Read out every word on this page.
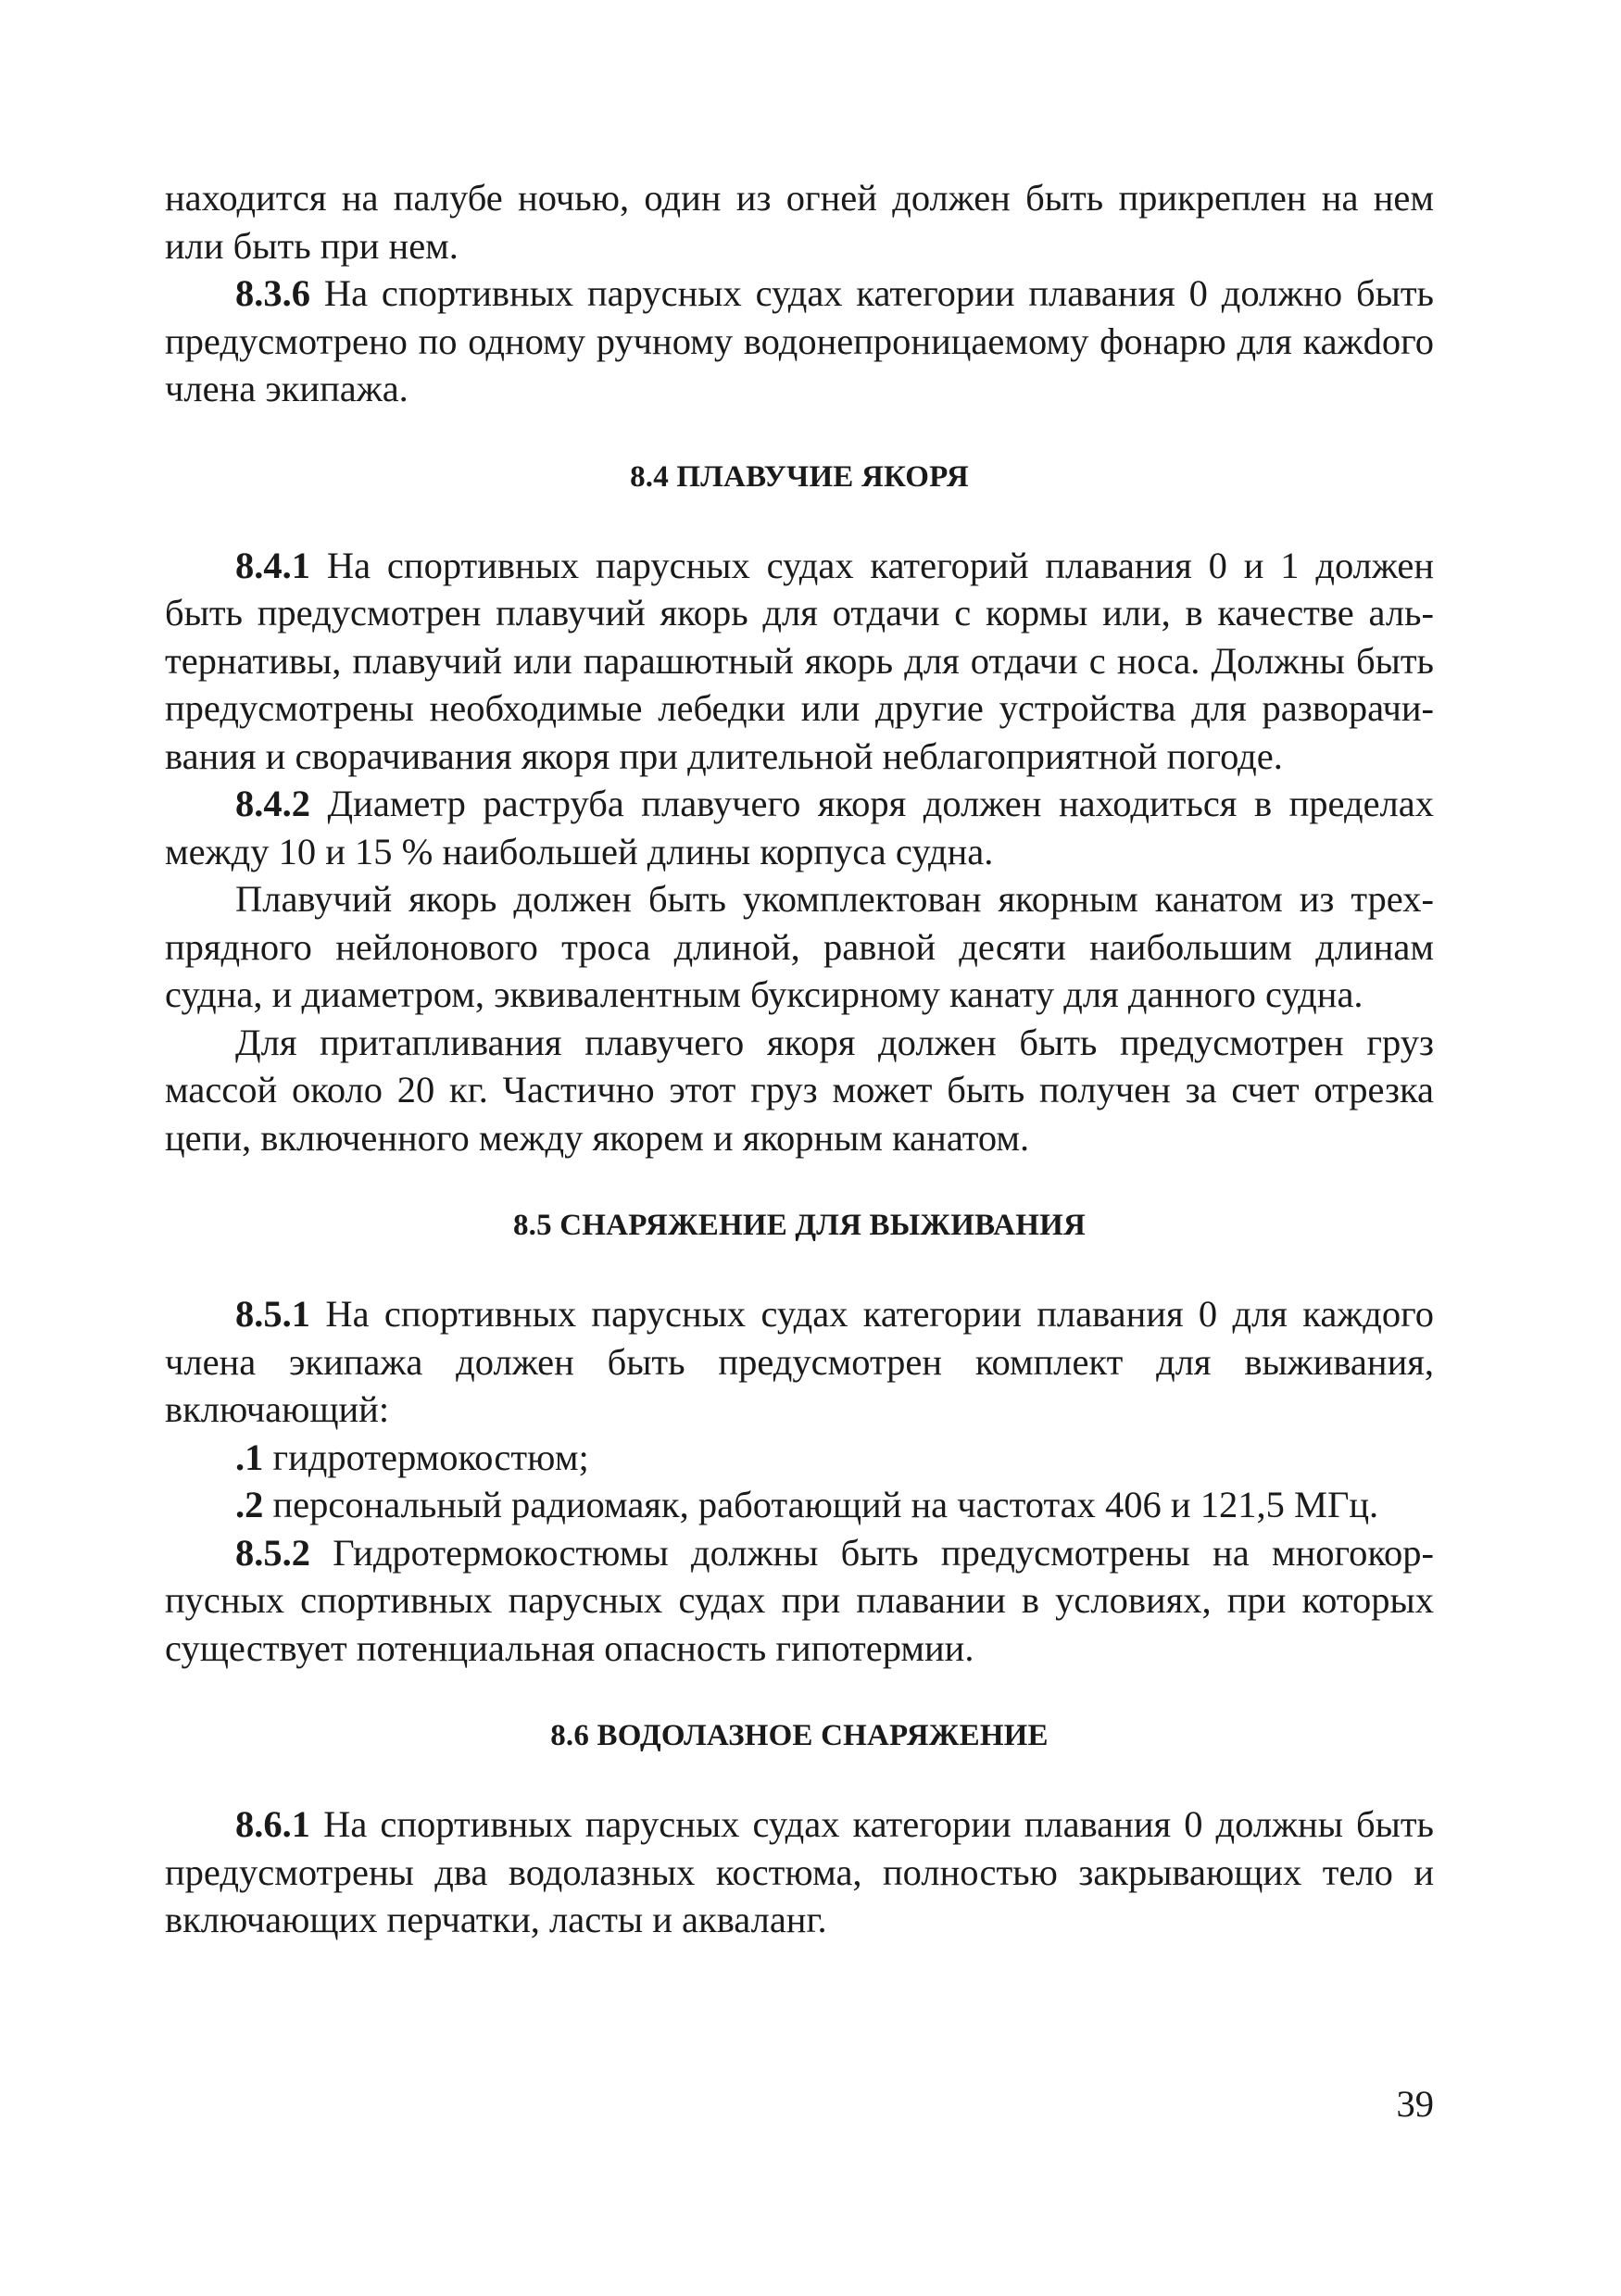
находится на палубе ночью, один из огней должен быть прикреплен на нем или быть при нем.

8.3.6 На спортивных парусных судах категории плавания 0 должно быть предусмотрено по одному ручному водонепроницаемому фонарю для кажdого члена экипажа.

8.4 ПЛАВУЧИЕ ЯКОРЯ

8.4.1 На спортивных парусных судах категорий плавания 0 и 1 должен быть предусмотрен плавучий якорь для отдачи с кормы или, в качестве альтернативы, плавучий или парашютный якорь для отдачи с носа. Должны быть предусмотрены необходимые лебедки или другие устройства для разворачивания и сворачивания якоря при длительной неблагоприятной погоде.

8.4.2 Диаметр раструба плавучего якоря должен находиться в пределах между 10 и 15 % наибольшей длины корпуса судна.

Плавучий якорь должен быть укомплектован якорным канатом из трехпрядного нейлонового троса длиной, равной десяти наибольшим длинам судна, и диаметром, эквивалентным буксирному канату для данного судна.

Для притапливания плавучего якоря должен быть предусмотрен груз массой около 20 кг. Частично этот груз может быть получен за счет отрезка цепи, включенного между якорем и якорным канатом.

8.5 СНАРЯЖЕНИЕ ДЛЯ ВЫЖИВАНИЯ

8.5.1 На спортивных парусных судах категории плавания 0 для каждого члена экипажа должен быть предусмотрен комплект для выживания, включающий:

.1 гидротермокостюм;

.2 персональный радиомаяк, работающий на частотах 406 и 121,5 МГц.

8.5.2 Гидротермокостюмы должны быть предусмотрены на многокорпусных спортивных парусных судах при плавании в условиях, при которых существует потенциальная опасность гипотермии.

8.6 ВОДОЛАЗНОЕ СНАРЯЖЕНИЕ

8.6.1 На спортивных парусных судах категории плавания 0 должны быть предусмотрены два водолазных костюма, полностью закрывающих тело и включающих перчатки, ласты и акваланг.

39
